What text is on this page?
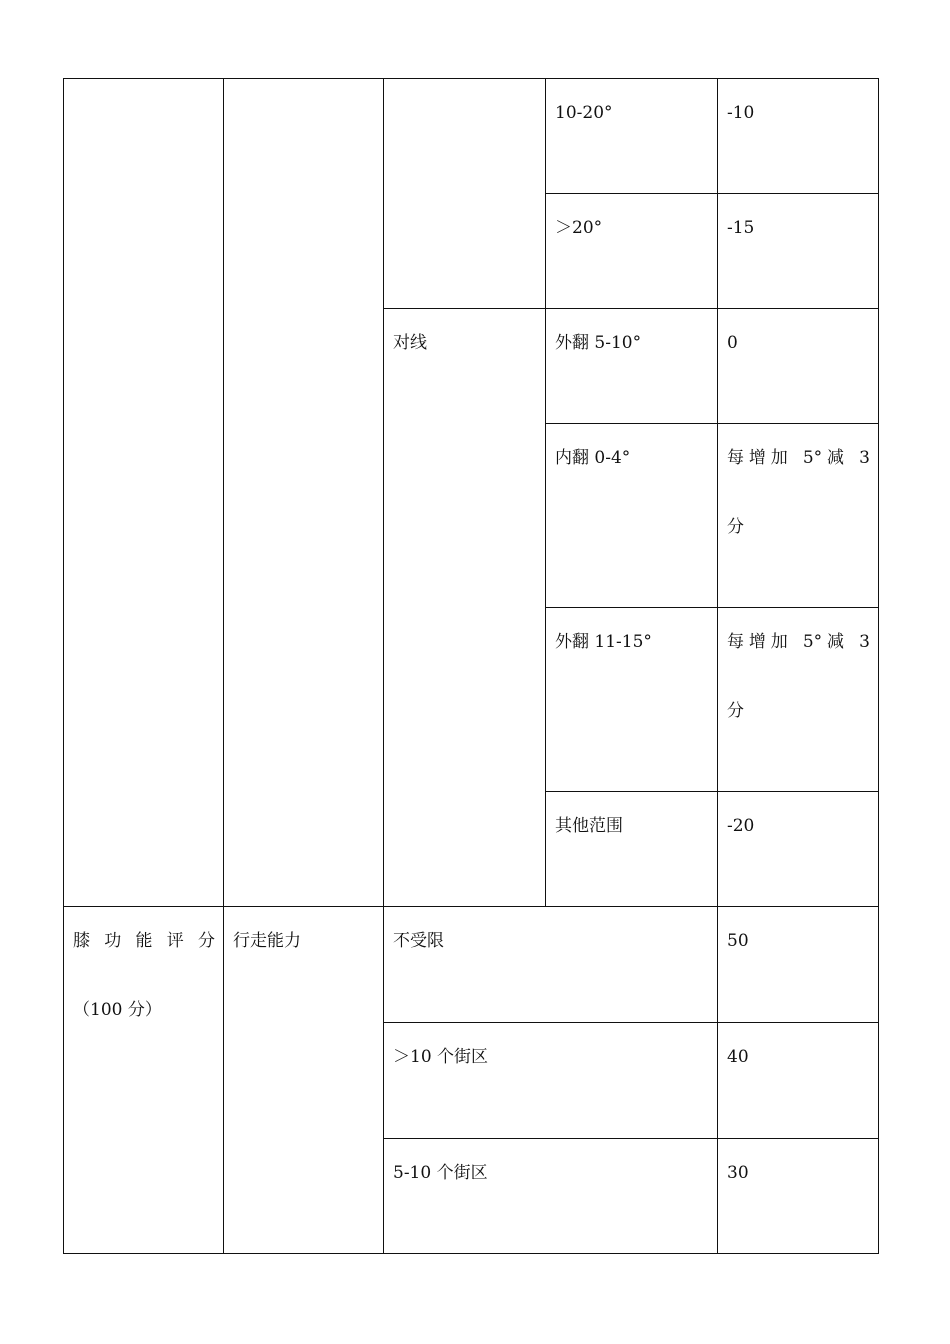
			10-20°	-10

			＞20°	-15

		对线	外翻 5-10°	0

			内翻 0-4°	每增加 5°减 3
分

			外翻 11-15°	每增加 5°减 3
分

			其他范围	-20

膝功能评分
（100 分）	行走能力	不受限		50

		＞10 个街区		40

		5-10 个街区		30
